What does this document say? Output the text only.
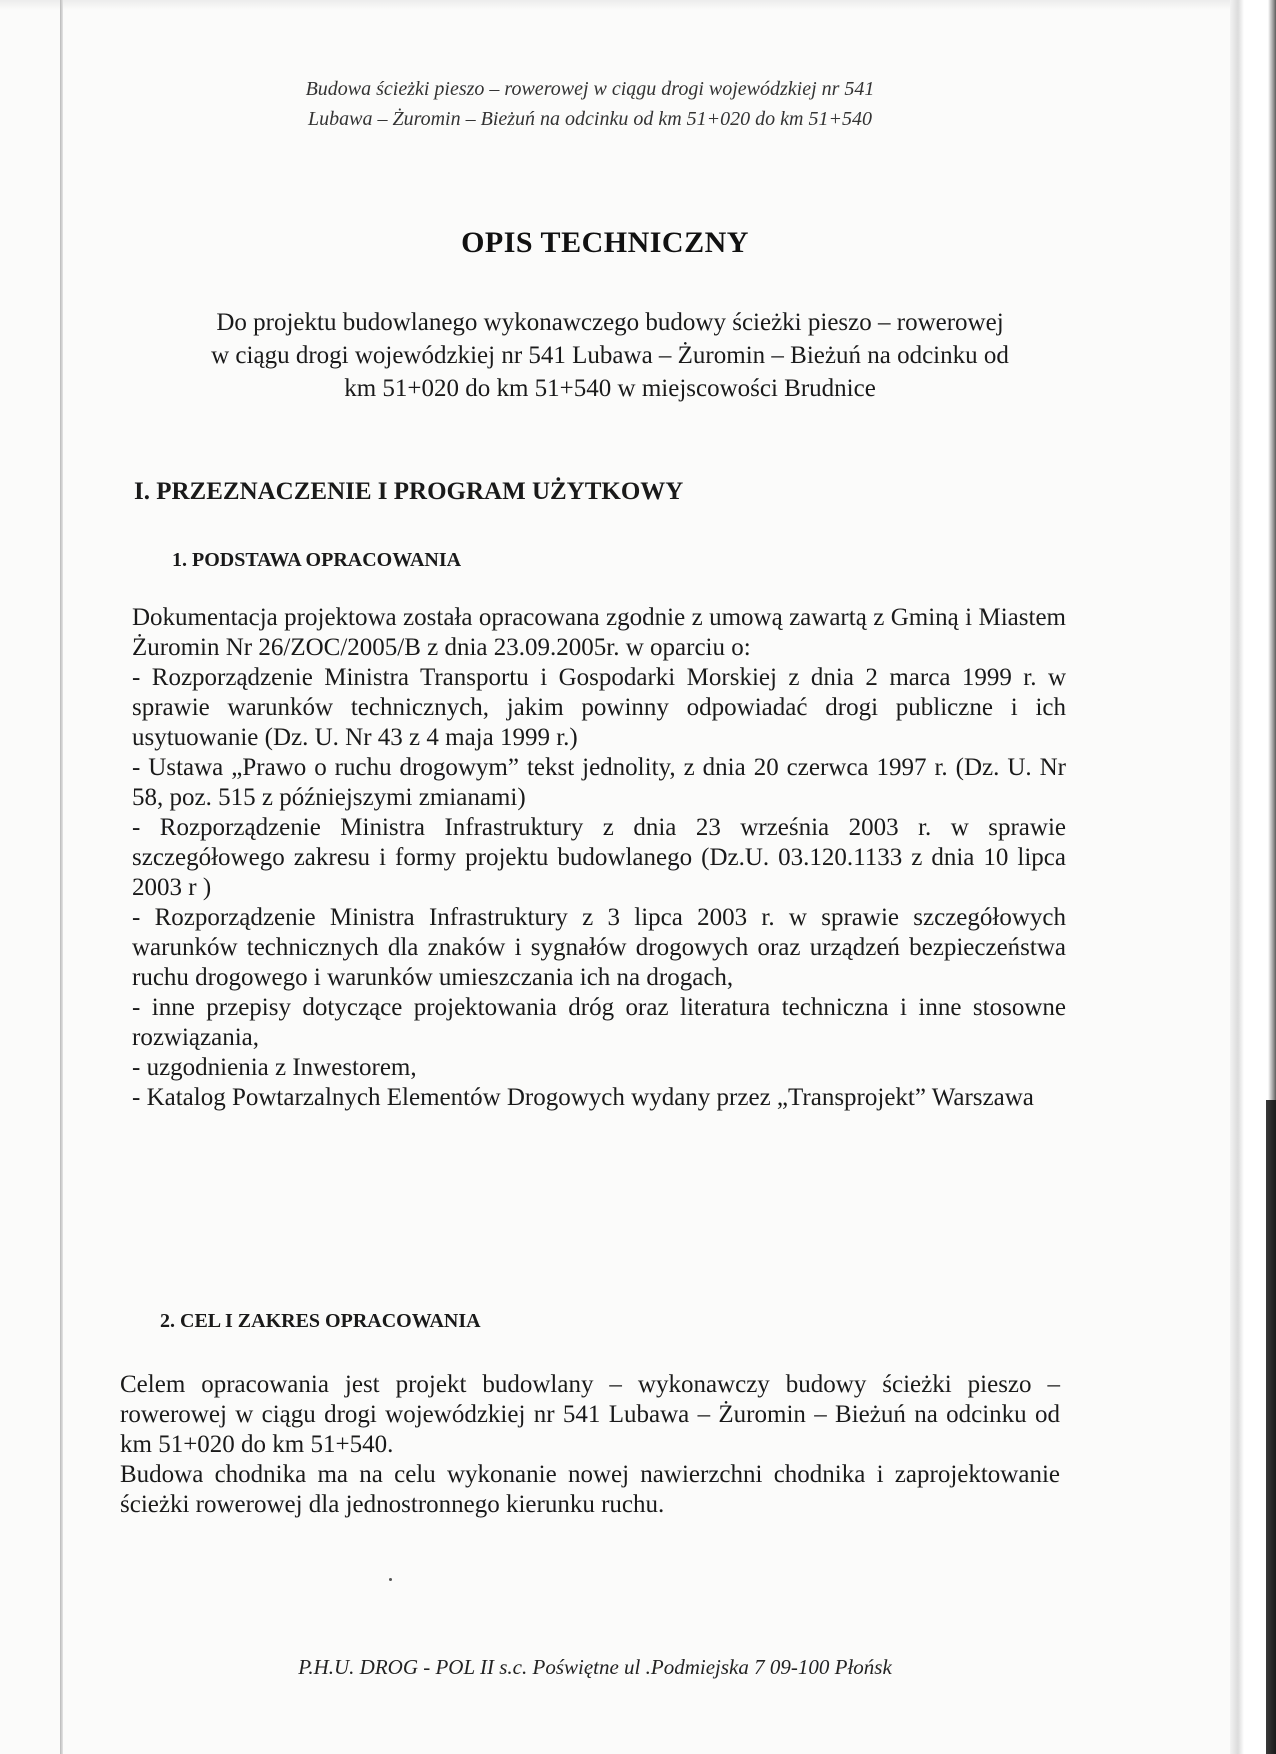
Budowa ścieżki pieszo – rowerowej w ciągu drogi wojewódzkiej nr 541
Lubawa – Żuromin – Bieżuń na odcinku od km 51+020 do km 51+540
OPIS TECHNICZNY
Do projektu budowlanego wykonawczego budowy ścieżki pieszo – rowerowej
w ciągu drogi wojewódzkiej nr 541 Lubawa – Żuromin – Bieżuń na odcinku od
km 51+020 do km 51+540 w miejscowości Brudnice
I. PRZEZNACZENIE I PROGRAM UŻYTKOWY
1. PODSTAWA OPRACOWANIA

Dokumentacja projektowa została opracowana zgodnie z umową zawartą z Gminą i Miastem Żuromin Nr 26/ZOC/2005/B z dnia 23.09.2005r. w oparciu o:

- Rozporządzenie Ministra Transportu i Gospodarki Morskiej z dnia 2 marca 1999 r. w sprawie warunków technicznych, jakim powinny odpowiadać drogi publiczne i ich usytuowanie (Dz. U. Nr 43 z 4 maja 1999 r.)

- Ustawa „Prawo o ruchu drogowym” tekst jednolity, z dnia 20 czerwca 1997 r. (Dz. U. Nr 58, poz. 515 z późniejszymi zmianami)

- Rozporządzenie Ministra Infrastruktury z dnia 23 września 2003 r. w sprawie szczegółowego zakresu i formy projektu budowlanego (Dz.U. 03.120.1133 z dnia 10 lipca 2003 r )

- Rozporządzenie Ministra Infrastruktury z 3 lipca 2003 r. w sprawie szczegółowych warunków technicznych dla znaków i sygnałów drogowych oraz urządzeń bezpieczeństwa ruchu drogowego i warunków umieszczania ich na drogach,

- inne przepisy dotyczące projektowania dróg oraz literatura techniczna i inne stosowne rozwiązania,

- uzgodnienia z Inwestorem,

- Katalog Powtarzalnych Elementów Drogowych wydany przez „Transprojekt” Warszawa

2. CEL I ZAKRES OPRACOWANIA

Celem opracowania jest projekt budowlany – wykonawczy budowy ścieżki pieszo – rowerowej w ciągu drogi wojewódzkiej nr 541 Lubawa – Żuromin – Bieżuń na odcinku od km 51+020 do km 51+540.

Budowa chodnika ma na celu wykonanie nowej nawierzchni chodnika i zaprojektowanie ścieżki rowerowej dla jednostronnego kierunku ruchu.

P.H.U. DROG - POL II s.c. Poświętne ul .Podmiejska 7 09-100 Płońsk
